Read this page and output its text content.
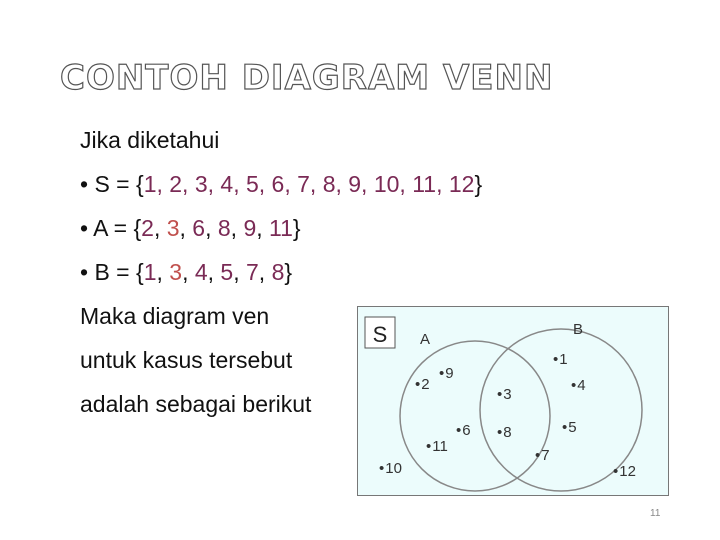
CONTOH DIAGRAM VENN
Jika diketahui
• S = {1, 2, 3, 4, 5, 6, 7, 8, 9, 10, 11, 12}
• A = {2, 3, 6, 8, 9, 11}
• B = {1, 3, 4, 5, 7, 8}
Maka diagram ven
untuk kasus tersebut
adalah sebagai berikut
S A
B
•2
•9
•11
•3
•6 •8
•1
•4
•5
•7
•10	•12
11
